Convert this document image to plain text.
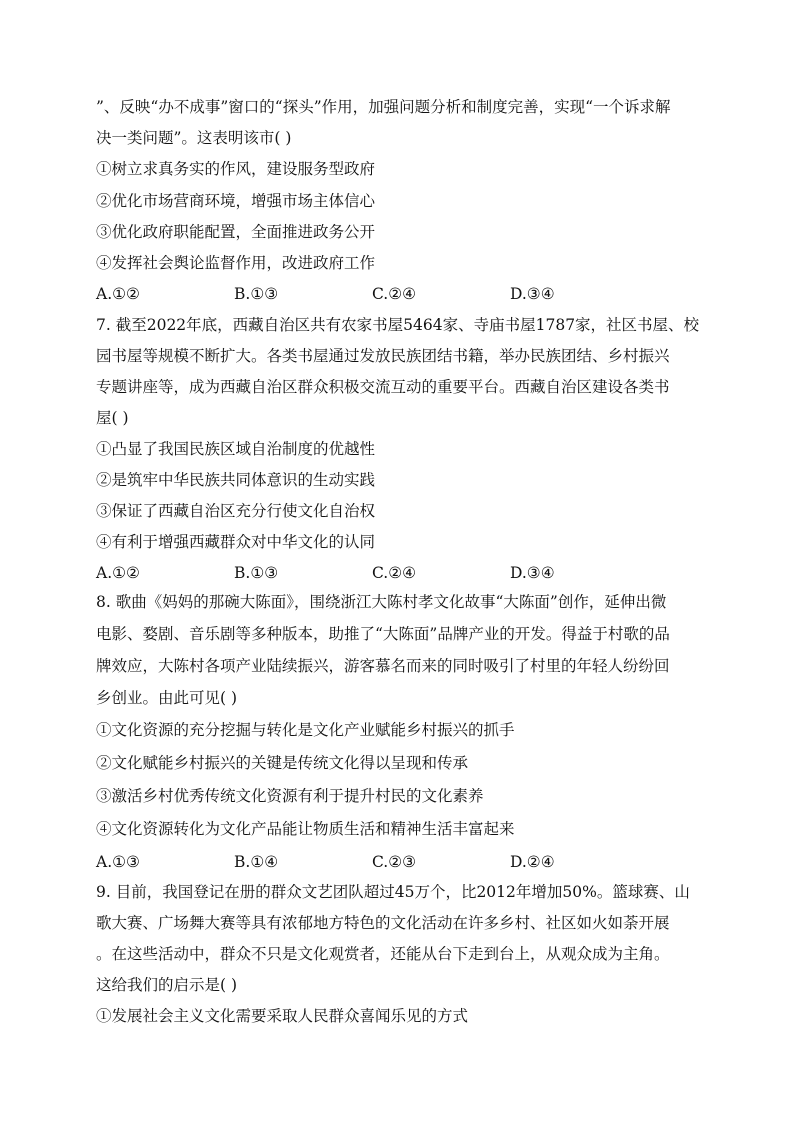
”、反映“办不成事”窗口的“探头”作用，加强问题分析和制度完善，实现“一个诉求解
决一类问题”。这表明该市( )
①树立求真务实的作风，建设服务型政府
②优化市场营商环境，增强市场主体信心
③优化政府职能配置，全面推进政务公开
④发挥社会舆论监督作用，改进政府工作
A.①②	B.①③	C.②④	D.③④
7. 截至2022年底，西藏自治区共有农家书屋5464家、寺庙书屋1787家，社区书屋、校
园书屋等规模不断扩大。各类书屋通过发放民族团结书籍，举办民族团结、乡村振兴
专题讲座等，成为西藏自治区群众积极交流互动的重要平台。西藏自治区建设各类书
屋( )
①凸显了我国民族区域自治制度的优越性
②是筑牢中华民族共同体意识的生动实践
③保证了西藏自治区充分行使文化自治权
④有利于增强西藏群众对中华文化的认同
A.①②	B.①③	C.②④	D.③④
8. 歌曲《妈妈的那碗大陈面》，围绕浙江大陈村孝文化故事“大陈面”创作，延伸出微
电影、婺剧、音乐剧等多种版本，助推了“大陈面”品牌产业的开发。得益于村歌的品
牌效应，大陈村各项产业陆续振兴，游客慕名而来的同时吸引了村里的年轻人纷纷回
乡创业。由此可见( )
①文化资源的充分挖掘与转化是文化产业赋能乡村振兴的抓手
②文化赋能乡村振兴的关键是传统文化得以呈现和传承
③激活乡村优秀传统文化资源有利于提升村民的文化素养
④文化资源转化为文化产品能让物质生活和精神生活丰富起来
A.①③	B.①④	C.②③	D.②④
9. 目前，我国登记在册的群众文艺团队超过45万个，比2012年增加50%。篮球赛、山
歌大赛、广场舞大赛等具有浓郁地方特色的文化活动在许多乡村、社区如火如荼开展
。在这些活动中，群众不只是文化观赏者，还能从台下走到台上，从观众成为主角。
这给我们的启示是( )
①发展社会主义文化需要采取人民群众喜闻乐见的方式
